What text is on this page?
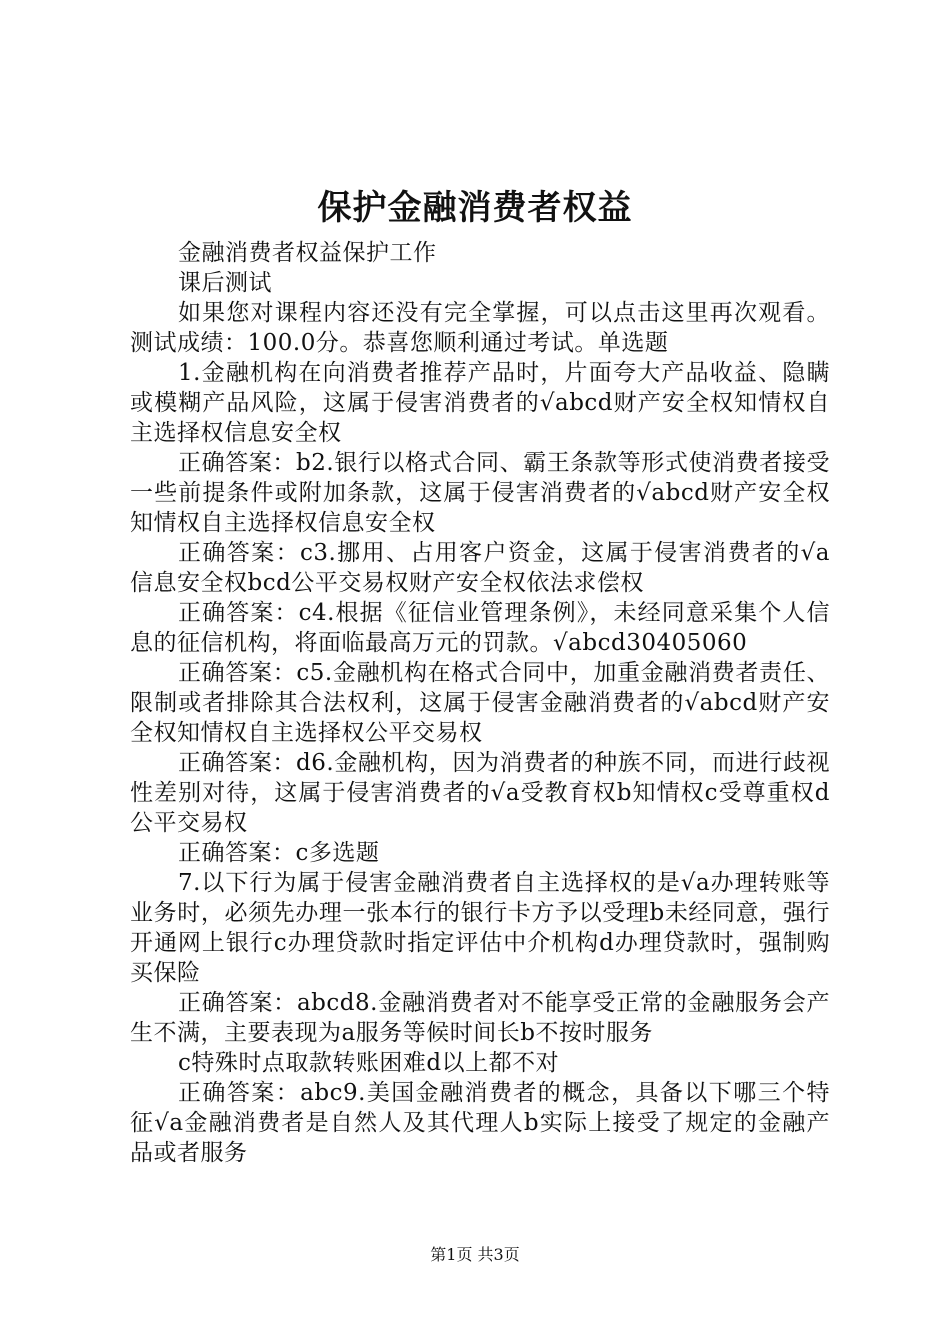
保护金融消费者权益

金融消费者权益保护工作

课后测试

如果您对课程内容还没有完全掌握，可以点击这里再次观看。测试成绩：100.0分。恭喜您顺利通过考试。单选题

1.金融机构在向消费者推荐产品时，片面夸大产品收益、隐瞒或模糊产品风险，这属于侵害消费者的√abcd财产安全权知情权自主选择权信息安全权

正确答案：b2.银行以格式合同、霸王条款等形式使消费者接受一些前提条件或附加条款，这属于侵害消费者的√abcd财产安全权知情权自主选择权信息安全权

正确答案：c3.挪用、占用客户资金，这属于侵害消费者的√a信息安全权bcd公平交易权财产安全权依法求偿权

正确答案：c4.根据《征信业管理条例》，未经同意采集个人信息的征信机构，将面临最高万元的罚款。√abcd30405060

正确答案：c5.金融机构在格式合同中，加重金融消费者责任、限制或者排除其合法权利，这属于侵害金融消费者的√abcd财产安全权知情权自主选择权公平交易权

正确答案：d6.金融机构，因为消费者的种族不同，而进行歧视性差别对待，这属于侵害消费者的√a受教育权b知情权c受尊重权d公平交易权

正确答案：c多选题

7.以下行为属于侵害金融消费者自主选择权的是√a办理转账等业务时，必须先办理一张本行的银行卡方予以受理b未经同意，强行开通网上银行c办理贷款时指定评估中介机构d办理贷款时，强制购买保险

正确答案：abcd8.金融消费者对不能享受正常的金融服务会产生不满，主要表现为a服务等候时间长b不按时服务

c特殊时点取款转账困难d以上都不对

正确答案：abc9.美国金融消费者的概念，具备以下哪三个特征√a金融消费者是自然人及其代理人b实际上接受了规定的金融产品或者服务

第1页 共3页
